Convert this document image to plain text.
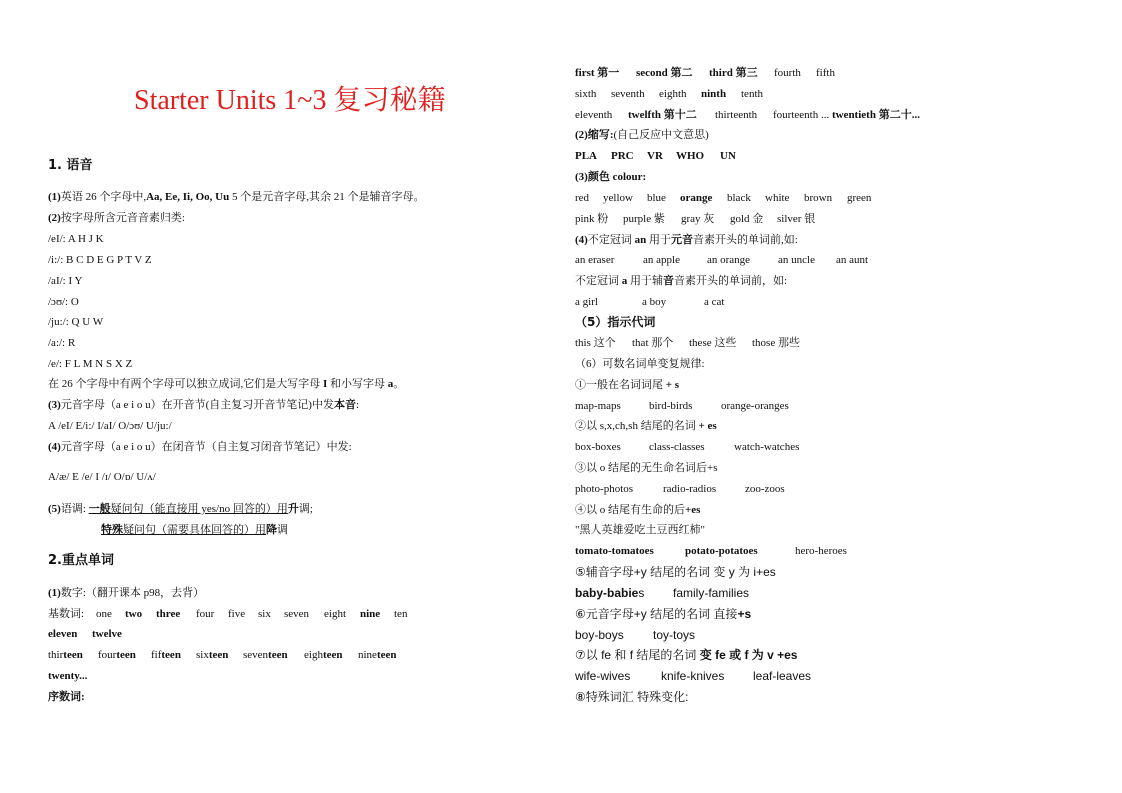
Starter Units 1~3 复习秘籍
1. 语音
(1)英语 26 个字母中,Aa, Ee, Ii, Oo, Uu 5 个是元音字母,其余 21 个是辅音字母。
(2)按字母所含元音音素归类:
/eI/: A H J K
/i:/: B C D E G P T V Z
/aI/: I Y
/ɔʊ/: O
/ju:/: Q U W
/a:/: R
/e/: F L M N S X Z
在 26 个字母中有两个字母可以独立成词,它们是大写字母 I 和小写字母 a。
(3)元音字母（a e i o u）在开音节(自主复习开音节笔记)中发本音:
A /eI/ E/i:/ I/aI/ O/ɔʊ/ U/ju:/
(4)元音字母（a e i o u）在闭音节（自主复习闭音节笔记）中发:
A/æ/ E /e/ I /ɪ/ O/ɒ/ U/ʌ/
(5)语调: 一般疑问句（能直接用 yes/no 回答的）用升调;
特殊疑问句（需要具体回答的）用降调
2.重点单词
(1)数字:（翻开课本 p98，去背）
基数词: one two three four five six seven eight nine ten
eleven twelve
thirteen fourteen fifteen sixteen seventeen eighteen nineteen
twenty...
序数词:
first 第一 second 第二 third 第三 fourth fifth
sixth seventh eighth ninth tenth
eleventh twelfth 第十二 thirteenth fourteenth ... twentieth 第二十...
(2)缩写:(自己反应中文意思)
PLA PRC VR WHO UN
(3)颜色 colour:
red yellow blue orange black white brown green
pink 粉 purple 紫 gray 灰 gold 金 silver 银
(4)不定冠词 an 用于元音音素开头的单词前,如:
an eraser	an apple an orange	an uncle an aunt
不定冠词 a 用于辅音音素开头的单词前，如:
a girl	a boy	a cat
（5）指示代词
this 这个 that 那个 these 这些 those 那些
（6）可数名词单变复规律:
①一般在名词词尾 + s
map-maps	bird-birds	orange-oranges
②以 s,x,ch,sh 结尾的名词 + es
box-boxes	class-classes	watch-watches
③以 o 结尾的无生命名词后+s
photo-photos	radio-radios	zoo-zoos
④以 o 结尾有生命的后+es
"黑人英雄爱吃土豆西红柿"
tomato-tomatoes	potato-potatoes	hero-heroes
⑤辅音字母+y 结尾的名词 变 y 为 i+es
baby-babies family-families
⑥元音字母+y 结尾的名词 直接+s
boy-boys toy-toys
⑦以 fe 和 f 结尾的名词 变 fe 或 f 为 v +es
wife-wives	knife-knives leaf-leaves
⑧特殊词汇 特殊变化:
